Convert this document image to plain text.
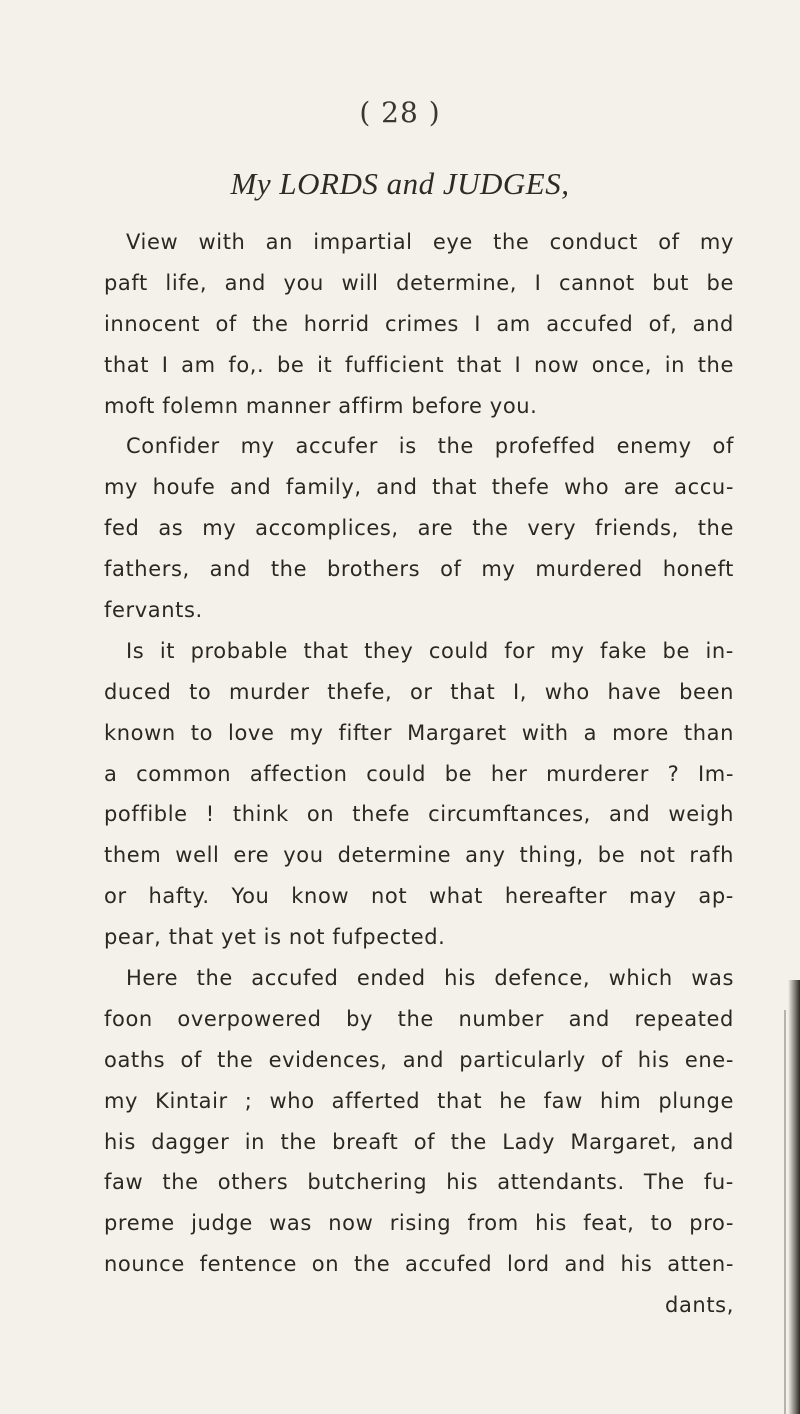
( 28 )
My LORDS and JUDGES,
View with an impartial eye the conduct of my
paft life, and you will determine, I cannot but be
innocent of the horrid crimes I am accufed of, and
that I am fo,. be it fufficient that I now once, in the
moft folemn manner affirm before you.
Confider my accufer is the profeffed enemy of
my houfe and family, and that thefe who are accu-
fed as my accomplices, are the very friends, the
fathers, and the brothers of my murdered honeft
fervants.
Is it probable that they could for my fake be in-
duced to murder thefe, or that I, who have been
known to love my fifter Margaret with a more than
a common affection could be her murderer ? Im-
poffible ! think on thefe circumftances, and weigh
them well ere you determine any thing, be not rafh
or hafty. You know not what hereafter may ap-
pear, that yet is not fufpected.
Here the accufed ended his defence, which was
foon overpowered by the number and repeated
oaths of the evidences, and particularly of his ene-
my Kintair ; who afferted that he faw him plunge
his dagger in the breaft of the Lady Margaret, and
faw the others butchering his attendants. The fu-
preme judge was now rising from his feat, to pro-
nounce fentence on the accufed lord and his atten-
dants,
